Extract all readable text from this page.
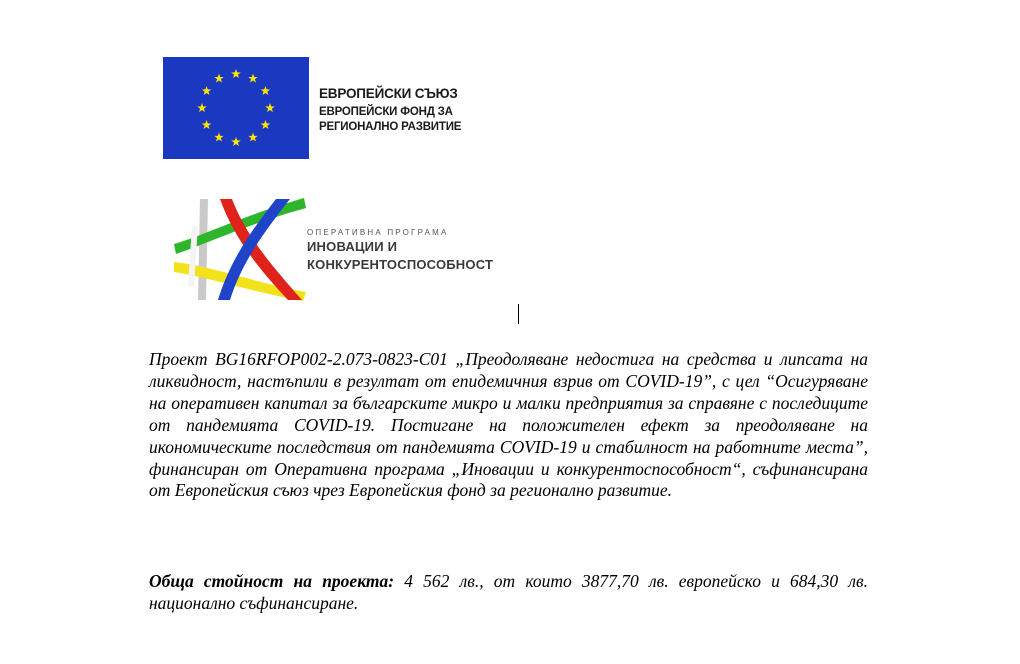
ЕВРОПЕЙСКИ СЪЮЗ
ЕВРОПЕЙСКИ ФОНД ЗА
РЕГИОНАЛНО РАЗВИТИЕ
ОПЕРАТИВНА ПРОГРАМА
ИНОВАЦИИ И
КОНКУРЕНТОСПОСОБНОСТ

Проект BG16RFOP002-2.073-0823-C01 „Преодоляване недостига на средства и липсата на ликвидност, настъпили в резултат от епидемичния взрив от COVID-19”, с цел “Осигуряване на оперативен капитал за българските микро и малки предприятия за справяне с последиците от пандемията COVID-19. Постигане на положителен ефект за преодоляване на икономическите последствия от пандемията COVID-19 и стабилност на работните места”, финансиран от Оперативна програма „Иновации и конкурентоспособност“, съфинансирана от Европейския съюз чрез Европейския фонд за регионално развитие.

Обща стойност на проекта: 4 562 лв., от които 3877,70 лв. европейско и 684,30 лв. национално съфинансиране.
